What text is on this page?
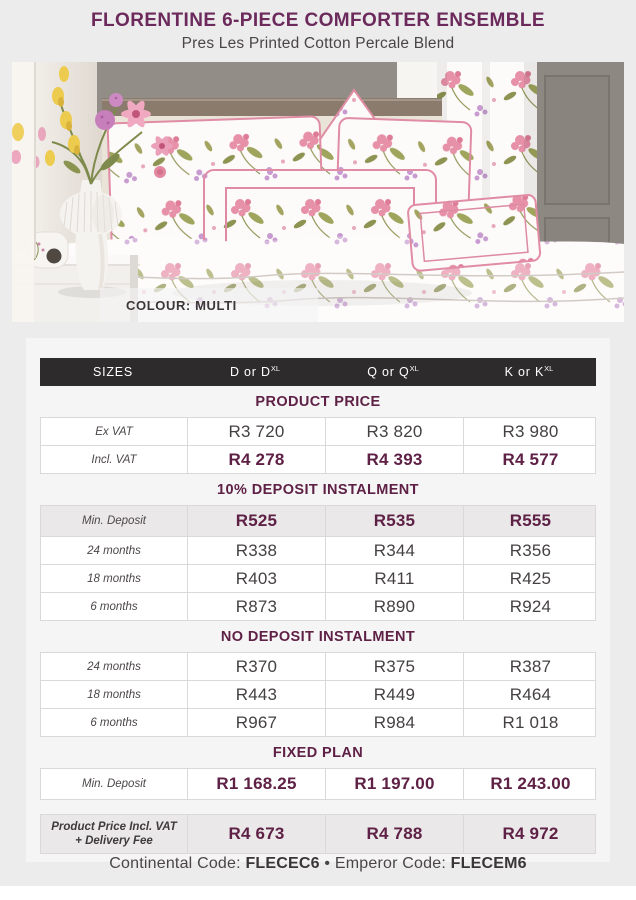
FLORENTINE 6-PIECE COMFORTER ENSEMBLE
Pres Les Printed Cotton Percale Blend
COLOUR: MULTI
SIZES	D or $D^{XL}$	Q or $Q^{XL}$	K or $K^{XL}$
PRODUCT PRICE
Ex VAT	R3 720	R3 820	R3 980
Incl. VAT	R4 278	R4 393	R4 577
10% DEPOSIT INSTALMENT
Min. Deposit	R525	R535	R555
24 months	R338	R344	R356
18 months	R403	R411	R425
6 months	R873	R890	R924
NO DEPOSIT INSTALMENT
24 months	R370	R375	R387
18 months	R443	R449	R464
6 months	R967	R984	R1 018
FIXED PLAN
Min. Deposit	R1 168.25	R1 197.00	R1 243.00
Product Price Incl. VAT + Delivery Fee	R4 673	R4 788	R4 972
Continental Code: FLECEC6 • Emperor Code: FLECEM6
